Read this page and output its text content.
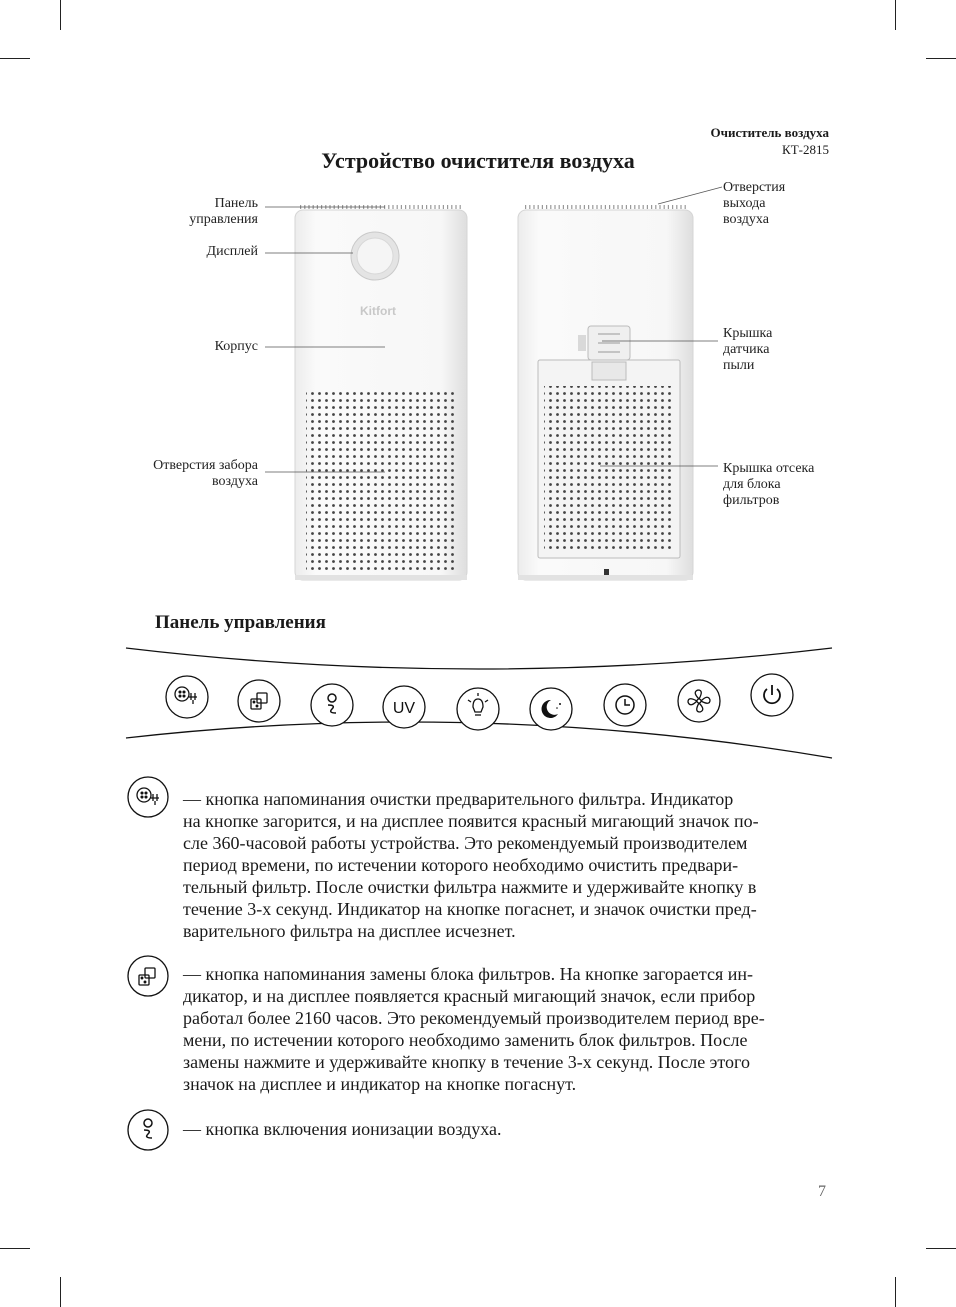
Очиститель воздуха
КТ-2815
Устройство очистителя воздуха
Kitfort
Панель
управления
Дисплей
Корпус
Отверстия забора
воздуха
Отверстия
выхода
воздуха
Крышка
датчика
пыли
Крышка отсека
для блока
фильтров
Панель управления
UV
— кнопка напоминания очистки предварительного фильтра. Индикатор
на кнопке загорится, и на дисплее появится красный мигающий значок по-
сле 360-часовой работы устройства. Это рекомендуемый производителем
период времени, по истечении которого необходимо очистить предвари-
тельный фильтр. После очистки фильтра нажмите и удерживайте кнопку в
течение 3-х секунд. Индикатор на кнопке погаснет, и значок очистки пред-
варительного фильтра на дисплее исчезнет.
— кнопка напоминания замены блока фильтров. На кнопке загорается ин-
дикатор, и на дисплее появляется красный мигающий значок, если прибор
работал более 2160 часов. Это рекомендуемый производителем период вре-
мени, по истечении которого необходимо заменить блок фильтров. После
замены нажмите и удерживайте кнопку в течение 3-х секунд. После этого
значок на дисплее и индикатор на кнопке погаснут.
— кнопка включения ионизации воздуха.
7
